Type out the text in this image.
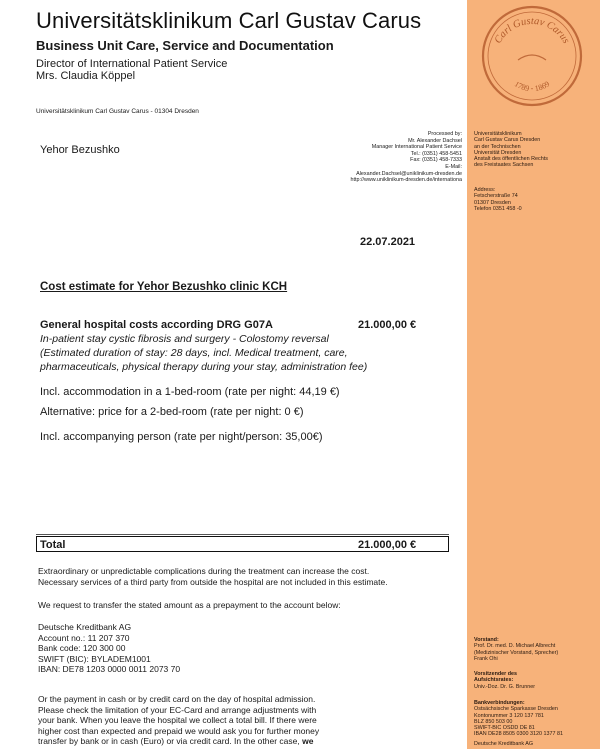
Carl Gustav Carus
1789 - 1869
Universitätsklinikum
Carl Gustav Carus Dresden
an der Technischen
Universität Dresden
Anstalt des öffentlichen Rechts
des Freistaates Sachsen
Address:
Fetscherstraße 74
01307 Dresden
Telefon 0351 458 -0
Vorstand:
Prof. Dr. med. D. Michael Albrecht
(Medizinischer Vorstand, Sprecher)
Frank Ohi
Vorsitzender des
Aufsichtsrates:
Univ.-Doz. Dr. G. Brunner
Bankverbindungen:
Ostsächsische Sparkasse Dresden
Kontonummer 3 120 137 781
BLZ 850 503 00
SWIFT-BIC OSDD DE 81
IBAN DE28 8505 0300 3120 1377 81
Deutsche Kreditbank AG
Universitätsklinikum Carl Gustav Carus
Business Unit Care, Service and Documentation
Director of International Patient Service
Mrs. Claudia Köppel
Universitätsklinikum Carl Gustav Carus - 01304 Dresden
Yehor Bezushko
Processed by:
Mr. Alexander Dachsel
Manager International Patient Service
Tel.: (0351) 458-5451
Fax: (0351) 458-7333
E-Mail:
Alexander.Dachsel@uniklinikum-dresden.de
http://www.uniklinikum-dresden.de/internationa
22.07.2021
Cost estimate for Yehor Bezushko clinic KCH
General hospital costs according DRG G07A	21.000,00 €
In-patient stay cystic fibrosis and surgery - Colostomy reversal
(Estimated duration of stay: 28 days, incl. Medical treatment, care,
pharmaceuticals, physical therapy during your stay, administration fee)
Incl. accommodation in a 1-bed-room (rate per night: 44,19 €)
Alternative: price for a 2-bed-room (rate per night: 0 €)
Incl. accompanying person (rate per night/person: 35,00€)
Total	21.000,00 €
Extraordinary or unpredictable complications during the treatment can increase the cost.
Necessary services of a third party from outside the hospital are not included in this estimate.
We request to transfer the stated amount as a prepayment to the account below:
Deutsche Kreditbank AG
Account no.: 11 207 370
Bank code: 120 300 00
SWIFT (BIC): BYLADEM1001
IBAN: DE78 1203 0000 0011 2073 70
Or the payment in cash or by credit card on the day of hospital admission.
Please check the limitation of your EC-Card and arrange adjustments with
your bank. When you leave the hospital we collect a total bill. If there were
higher cost than expected and prepaid we would ask you for further money
transfer by bank or in cash (Euro) or via credit card. In the other case, we
